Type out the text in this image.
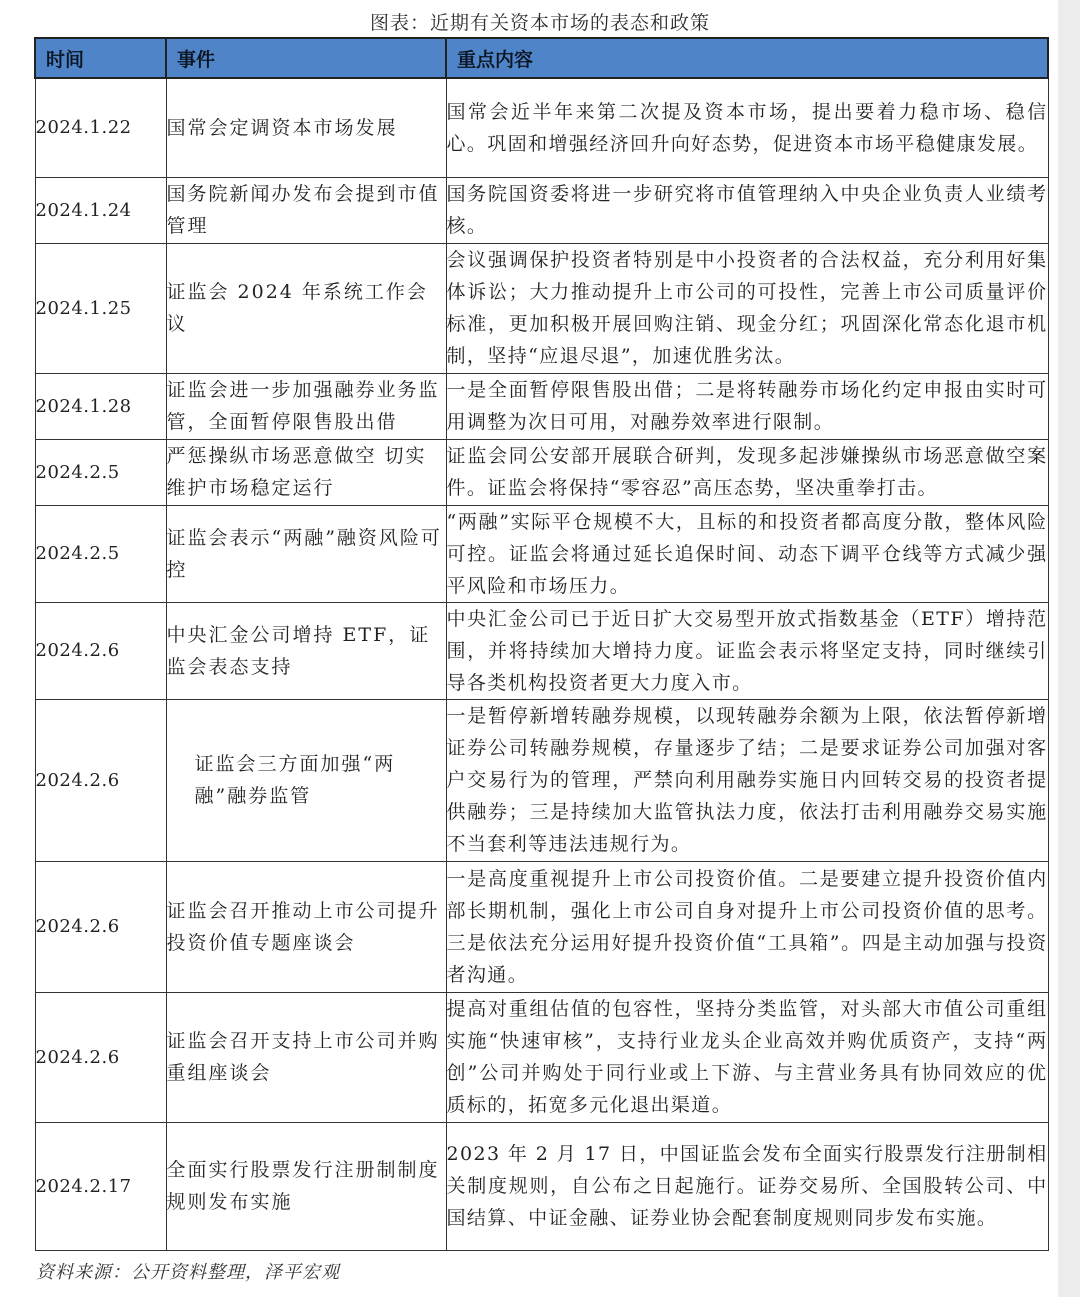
图表：近期有关资本市场的表态和政策
时间	事件	重点内容
2024.1.22	国常会定调资本市场发展	国常会近半年来第二次提及资本市场，提出要着力稳市场、稳信心。巩固和增强经济回升向好态势，促进资本市场平稳健康发展。
2024.1.24	国务院新闻办发布会提到市值管理	国务院国资委将进一步研究将市值管理纳入中央企业负责人业绩考核。
2024.1.25	证监会 2024 年系统工作会议	会议强调保护投资者特别是中小投资者的合法权益，充分利用好集体诉讼；大力推动提升上市公司的可投性，完善上市公司质量评价标准，更加积极开展回购注销、现金分红；巩固深化常态化退市机制，坚持“应退尽退”，加速优胜劣汰。
2024.1.28	证监会进一步加强融券业务监管，全面暂停限售股出借	一是全面暂停限售股出借；二是将转融券市场化约定申报由实时可用调整为次日可用，对融券效率进行限制。
2024.2.5	严惩操纵市场恶意做空 切实维护市场稳定运行	证监会同公安部开展联合研判，发现多起涉嫌操纵市场恶意做空案件。证监会将保持“零容忍”高压态势，坚决重拳打击。
2024.2.5	证监会表示“两融”融资风险可控	“两融”实际平仓规模不大，且标的和投资者都高度分散，整体风险可控。证监会将通过延长追保时间、动态下调平仓线等方式减少强平风险和市场压力。
2024.2.6	中央汇金公司增持 ETF，证监会表态支持	中央汇金公司已于近日扩大交易型开放式指数基金（ETF）增持范围，并将持续加大增持力度。证监会表示将坚定支持，同时继续引导各类机构投资者更大力度入市。
2024.2.6	证监会三方面加强“两融”融券监管	一是暂停新增转融券规模，以现转融券余额为上限，依法暂停新增证券公司转融券规模，存量逐步了结；二是要求证券公司加强对客户交易行为的管理，严禁向利用融券实施日内回转交易的投资者提供融券；三是持续加大监管执法力度，依法打击利用融券交易实施不当套利等违法违规行为。
2024.2.6	证监会召开推动上市公司提升投资价值专题座谈会	一是高度重视提升上市公司投资价值。二是要建立提升投资价值内部长期机制，强化上市公司自身对提升上市公司投资价值的思考。三是依法充分运用好提升投资价值“工具箱”。四是主动加强与投资者沟通。
2024.2.6	证监会召开支持上市公司并购重组座谈会	提高对重组估值的包容性，坚持分类监管，对头部大市值公司重组实施“快速审核”，支持行业龙头企业高效并购优质资产，支持“两创”公司并购处于同行业或上下游、与主营业务具有协同效应的优质标的，拓宽多元化退出渠道。
2024.2.17	全面实行股票发行注册制制度规则发布实施	2023 年 2 月 17 日，中国证监会发布全面实行股票发行注册制相关制度规则，自公布之日起施行。证券交易所、全国股转公司、中国结算、中证金融、证券业协会配套制度规则同步发布实施。
资料来源：公开资料整理，泽平宏观
